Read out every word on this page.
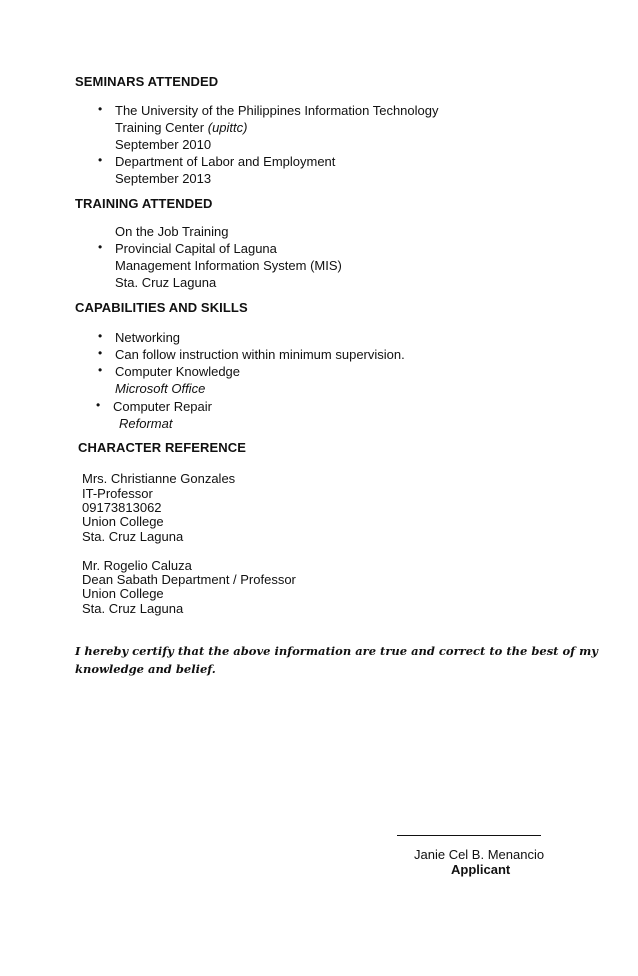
SEMINARS ATTENDED
• The University of the Philippines Information Technology
Training Center (upittc)
September 2010
• Department of Labor and Employment
September 2013
TRAINING ATTENDED
On the Job Training
• Provincial Capital of Laguna
Management Information System (MIS)
Sta. Cruz Laguna
CAPABILITIES AND SKILLS
• Networking
• Can follow instruction within minimum supervision.
• Computer Knowledge
Microsoft Office
• Computer Repair
Reformat
CHARACTER REFERENCE
Mrs. Christianne Gonzales
IT-Professor
09173813062
Union College
Sta. Cruz Laguna
Mr. Rogelio Caluza
Dean Sabath Department / Professor
Union College
Sta. Cruz Laguna
I hereby certify that the above information are true and correct to the best of my
knowledge and belief.
Janie Cel B. Menancio
Applicant
